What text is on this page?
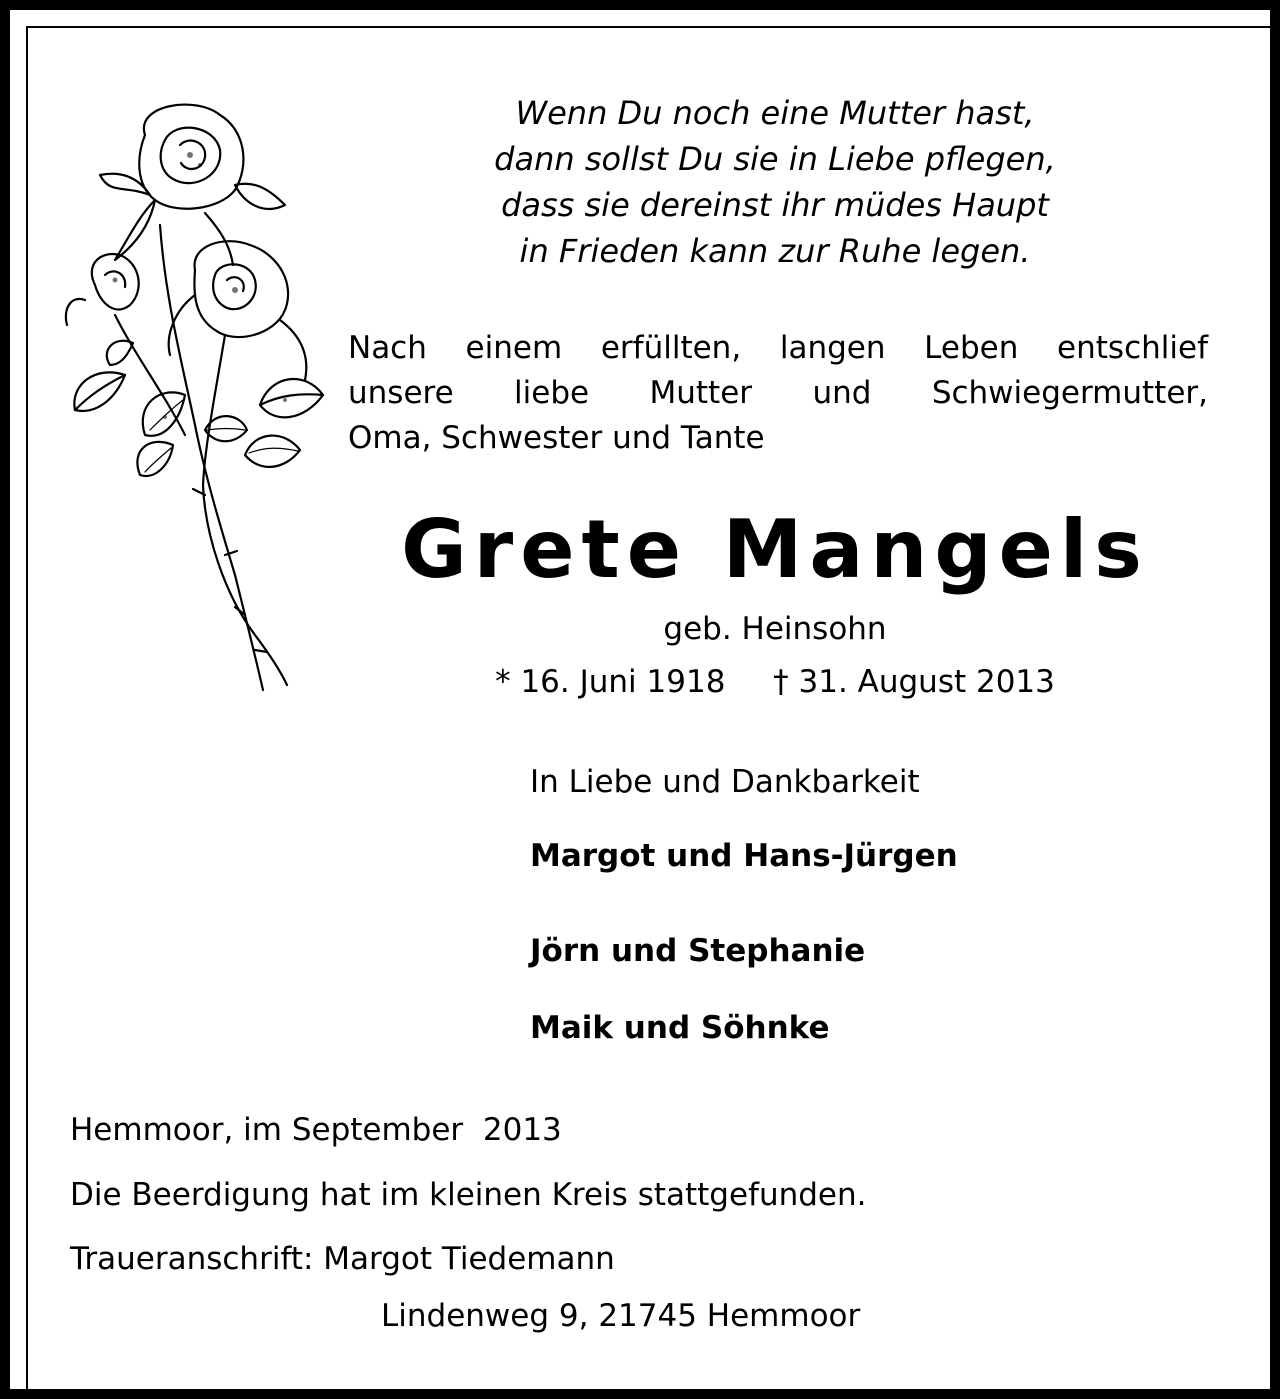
Wenn Du noch eine Mutter hast,
dann sollst Du sie in Liebe pflegen,
dass sie dereinst ihr müdes Haupt
in Frieden kann zur Ruhe legen.
Nach einem erfüllten, langen Leben entschlief
unsere liebe Mutter und Schwiegermutter,
Oma, Schwester und Tante
Grete Mangels
geb. Heinsohn
* 16. Juni 1918 † 31. August 2013
In Liebe und Dankbarkeit
Margot und Hans-Jürgen
Jörn und Stephanie
Maik und Söhnke
Hemmoor, im September  2013
Die Beerdigung hat im kleinen Kreis stattgefunden.
Traueranschrift: Margot Tiedemann
Lindenweg 9, 21745 Hemmoor
